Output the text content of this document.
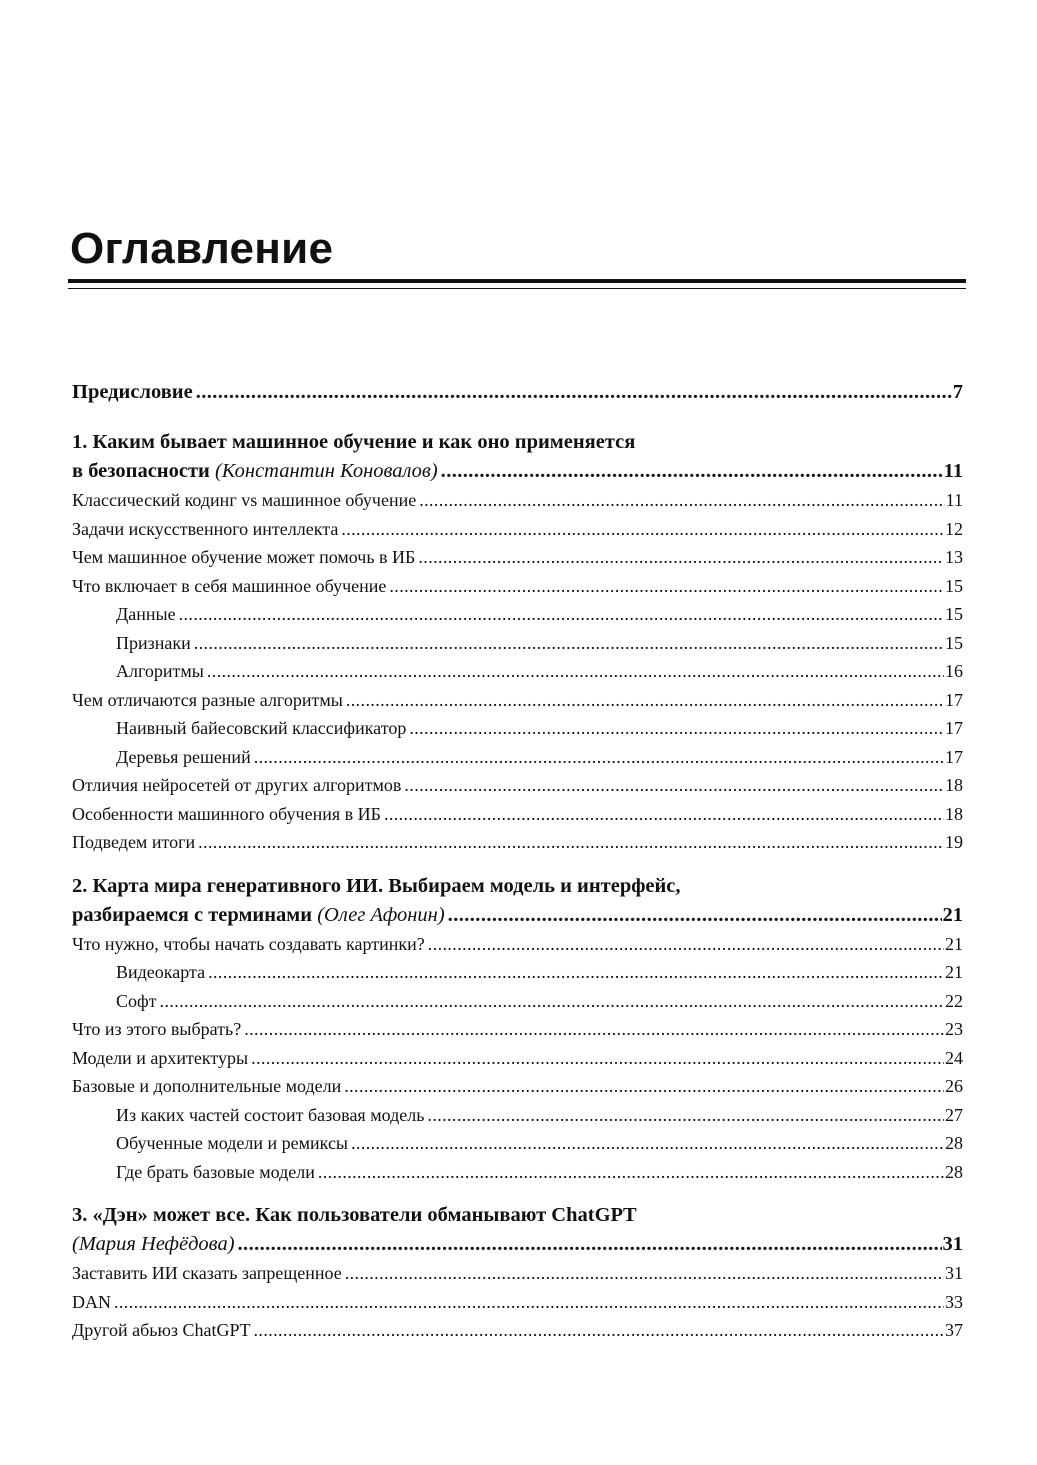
Оглавление
Предисловие .....	7
1. Каким бывает машинное обучение и как оно применяется
в безопасности (Константин Коновалов) .....	11
Классический кодинг vs машинное обучение .....	11
Задачи искусственного интеллекта .....	12
Чем машинное обучение может помочь в ИБ .....	13
Что включает в себя машинное обучение .....	15
Данные .....	15
Признаки .....	15
Алгоритмы .....	16
Чем отличаются разные алгоритмы .....	17
Наивный байесовский классификатор .....	17
Деревья решений .....	17
Отличия нейросетей от других алгоритмов .....	18
Особенности машинного обучения в ИБ .....	18
Подведем итоги .....	19
2. Карта мира генеративного ИИ. Выбираем модель и интерфейс,
разбираемся с терминами (Олег Афонин) .....	21
Что нужно, чтобы начать создавать картинки? .....	21
Видеокарта .....	21
Софт .....	22
Что из этого выбрать? .....	23
Модели и архитектуры .....	24
Базовые и дополнительные модели .....	26
Из каких частей состоит базовая модель .....	27
Обученные модели и ремиксы .....	28
Где брать базовые модели .....	28
3. «Дэн» может все. Как пользователи обманывают ChatGPT
(Мария Нефёдова) .....	31
Заставить ИИ сказать запрещенное .....	31
DAN .....	33
Другой абьюз ChatGPT .....	37
